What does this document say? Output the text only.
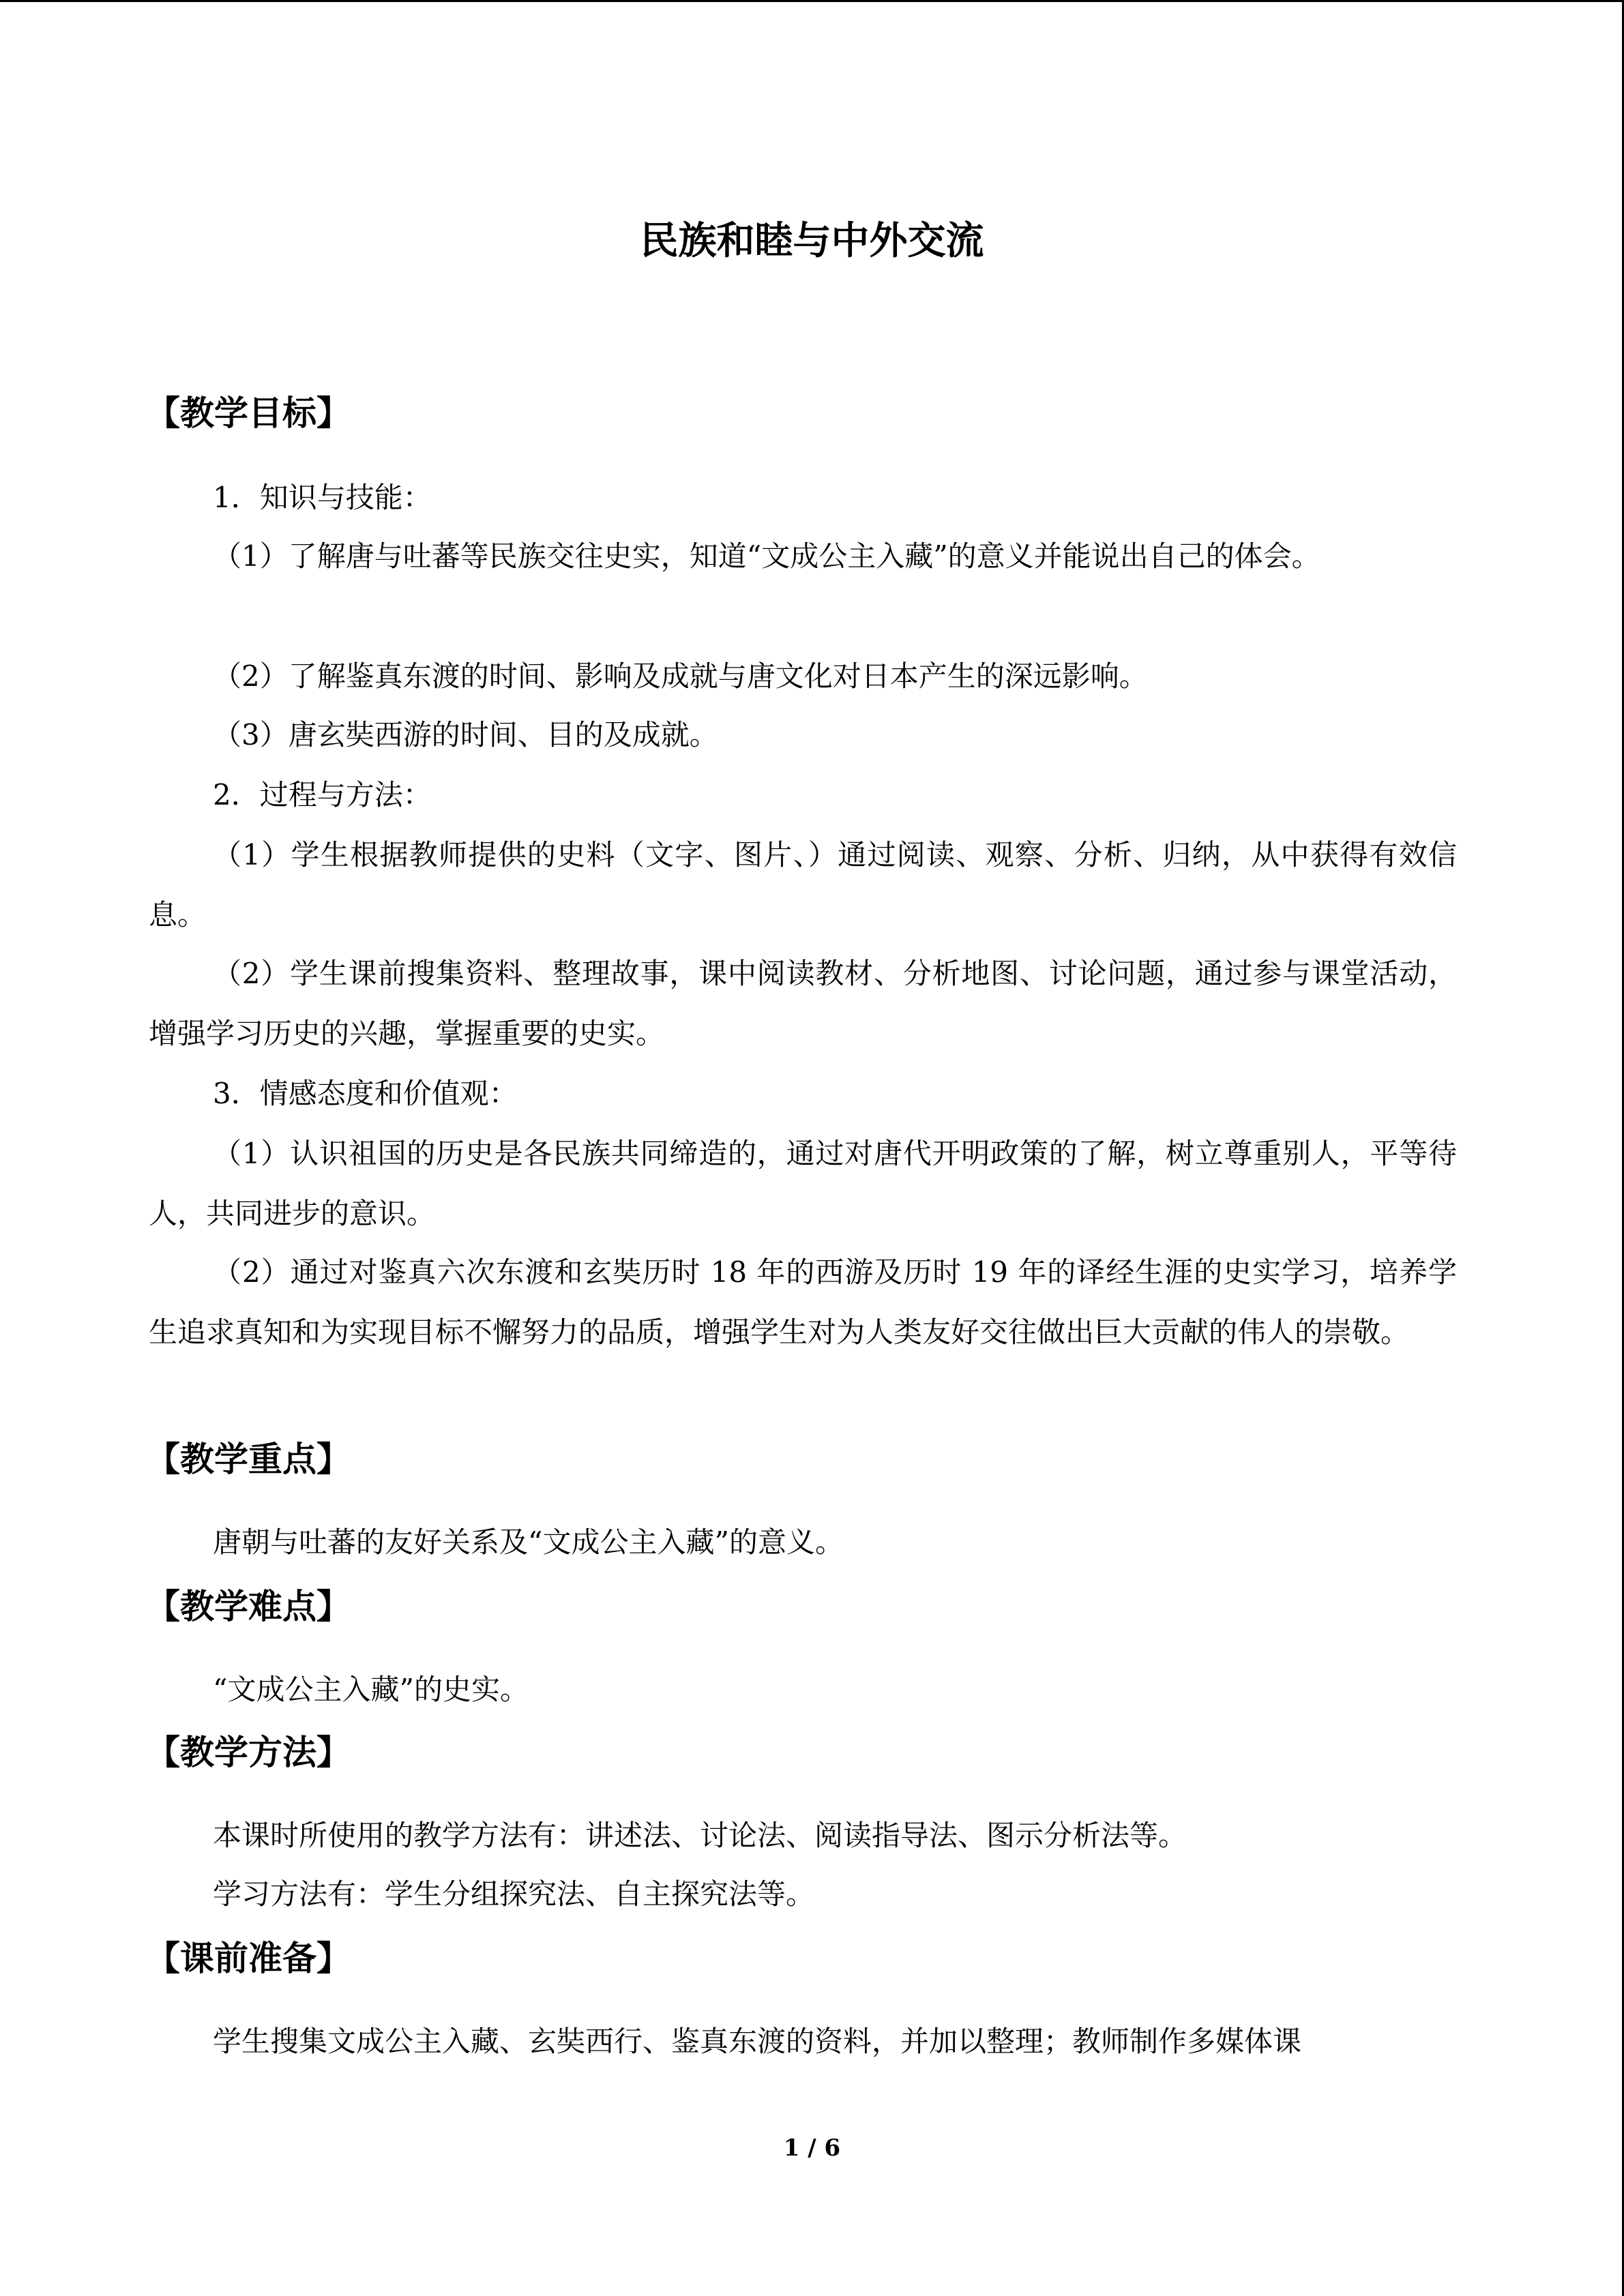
民族和睦与中外交流
【教学目标】

1．知识与技能：

（1）了解唐与吐蕃等民族交往史实，知道“文成公主入藏”的意义并能说出自己的体会。

（2）了解鉴真东渡的时间、影响及成就与唐文化对日本产生的深远影响。

（3）唐玄奘西游的时间、目的及成就。

2．过程与方法：

（1）学生根据教师提供的史料（文字、图片、）通过阅读、观察、分析、归纳，从中获得有效信息。

（2）学生课前搜集资料、整理故事，课中阅读教材、分析地图、讨论问题，通过参与课堂活动，增强学习历史的兴趣，掌握重要的史实。

3．情感态度和价值观：

（1）认识祖国的历史是各民族共同缔造的，通过对唐代开明政策的了解，树立尊重别人，平等待人，共同进步的意识。

（2）通过对鉴真六次东渡和玄奘历时 18 年的西游及历时 19 年的译经生涯的史实学习，培养学生追求真知和为实现目标不懈努力的品质，增强学生对为人类友好交往做出巨大贡献的伟人的崇敬。

【教学重点】

唐朝与吐蕃的友好关系及“文成公主入藏”的意义。

【教学难点】

“文成公主入藏”的史实。

【教学方法】

本课时所使用的教学方法有：讲述法、讨论法、阅读指导法、图示分析法等。

学习方法有：学生分组探究法、自主探究法等。

【课前准备】

学生搜集文成公主入藏、玄奘西行、鉴真东渡的资料，并加以整理；教师制作多媒体课

1 / 6
